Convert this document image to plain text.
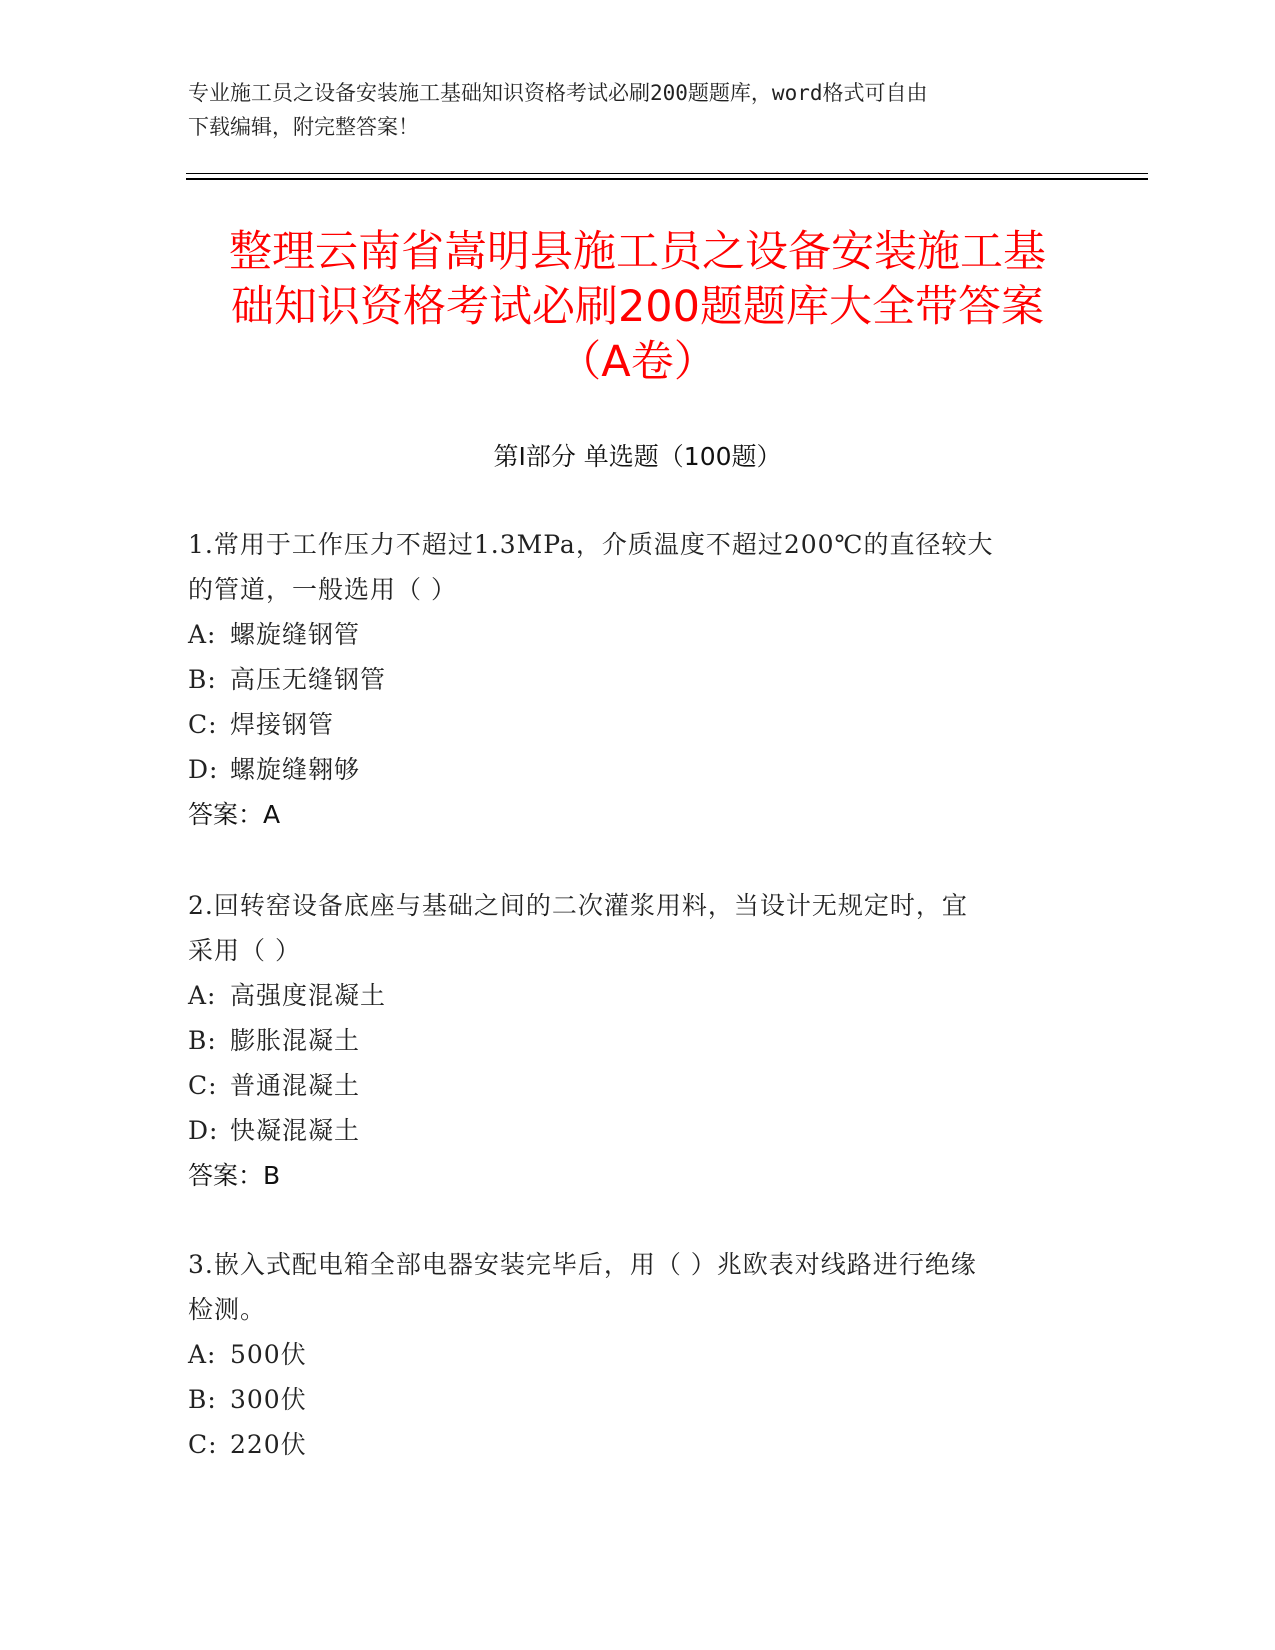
专业施工员之设备安装施工基础知识资格考试必刷200题题库，word格式可自由
下载编辑，附完整答案！
整理云南省嵩明县施工员之设备安装施工基
础知识资格考试必刷200题题库大全带答案
（A卷）
第I部分 单选题（100题）
1.常用于工作压力不超过1.3MPa，介质温度不超过200℃的直径较大
的管道，一般选用（ ）
A: 螺旋缝钢管
B: 高压无缝钢管
C: 焊接钢管
D: 螺旋缝翱够
答案：A
2.回转窑设备底座与基础之间的二次灌浆用料，当设计无规定时，宜
采用（ ）
A: 高强度混凝土
B: 膨胀混凝土
C: 普通混凝土
D: 快凝混凝土
答案：B
3.嵌入式配电箱全部电器安装完毕后，用（ ）兆欧表对线路进行绝缘
检测。
A: 500伏
B: 300伏
C: 220伏
